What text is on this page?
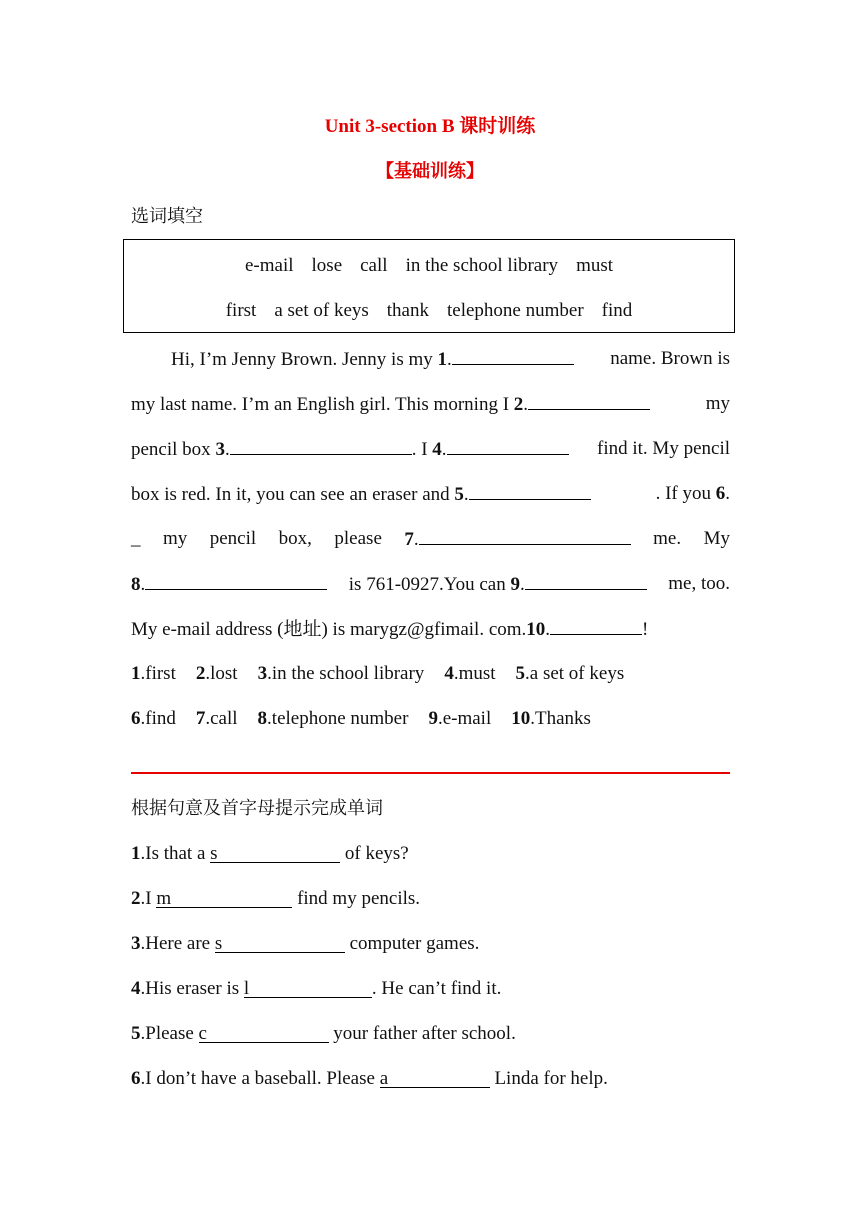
Unit 3-section B 课时训练
【基础训练】
选词填空
e-mail lose call in the school library must
first a set of keys thank telephone number find
Hi, I’m Jenny Brown. Jenny is my 1.	name. Brown is
my last name. I’m an English girl. This morning I 2.	my
pencil box 3.	. I 4.	find it. My pencil
box is red. In it, you can see an eraser and 5.	. If you 6.
_ my pencil box, please 7.	me. My
8.	is 761-0927.You can 9.	me, too.
My e-mail address (地址) is marygz@gfimail. com.10.	!
1.first 2.lost 3.in the school library 4.must 5.a set of keys
6.find 7.call 8.telephone number 9.e-mail 10.Thanks
根据句意及首字母提示完成单词
1.Is that a s	of keys?
2.I m	find my pencils.
3.Here are s	computer games.
4.His eraser is l	. He can’t find it.
5.Please c	your father after school.
6.I don’t have a baseball. Please a	Linda for help.
